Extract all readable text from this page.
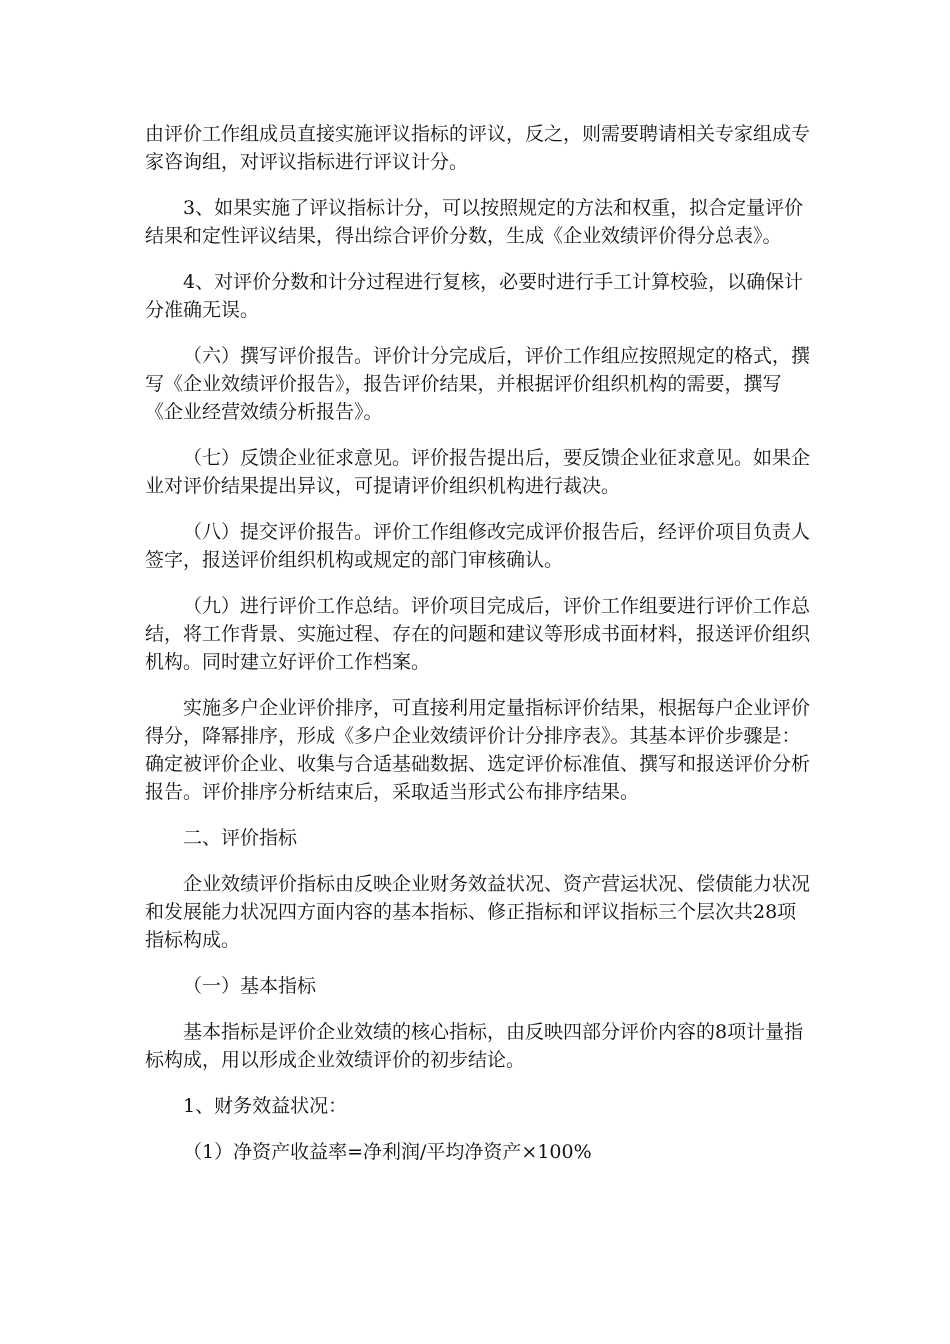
由评价工作组成员直接实施评议指标的评议，反之，则需要聘请相关专家组成专家咨询组，对评议指标进行评议计分。

3、如果实施了评议指标计分，可以按照规定的方法和权重，拟合定量评价结果和定性评议结果，得出综合评价分数，生成《企业效绩评价得分总表》。

4、对评价分数和计分过程进行复核，必要时进行手工计算校验，以确保计分准确无误。

（六）撰写评价报告。评价计分完成后，评价工作组应按照规定的格式，撰写《企业效绩评价报告》，报告评价结果，并根据评价组织机构的需要，撰写《企业经营效绩分析报告》。

（七）反馈企业征求意见。评价报告提出后，要反馈企业征求意见。如果企业对评价结果提出异议，可提请评价组织机构进行裁决。

（八）提交评价报告。评价工作组修改完成评价报告后，经评价项目负责人签字，报送评价组织机构或规定的部门审核确认。

（九）进行评价工作总结。评价项目完成后，评价工作组要进行评价工作总结，将工作背景、实施过程、存在的问题和建议等形成书面材料，报送评价组织机构。同时建立好评价工作档案。

实施多户企业评价排序，可直接利用定量指标评价结果，根据每户企业评价得分，降幂排序，形成《多户企业效绩评价计分排序表》。其基本评价步骤是：确定被评价企业、收集与合适基础数据、选定评价标准值、撰写和报送评价分析报告。评价排序分析结束后，采取适当形式公布排序结果。

二、评价指标

企业效绩评价指标由反映企业财务效益状况、资产营运状况、偿债能力状况和发展能力状况四方面内容的基本指标、修正指标和评议指标三个层次共28项指标构成。

（一）基本指标

基本指标是评价企业效绩的核心指标，由反映四部分评价内容的8项计量指标构成，用以形成企业效绩评价的初步结论。

1、财务效益状况：

（1）净资产收益率=净利润/平均净资产×100%
